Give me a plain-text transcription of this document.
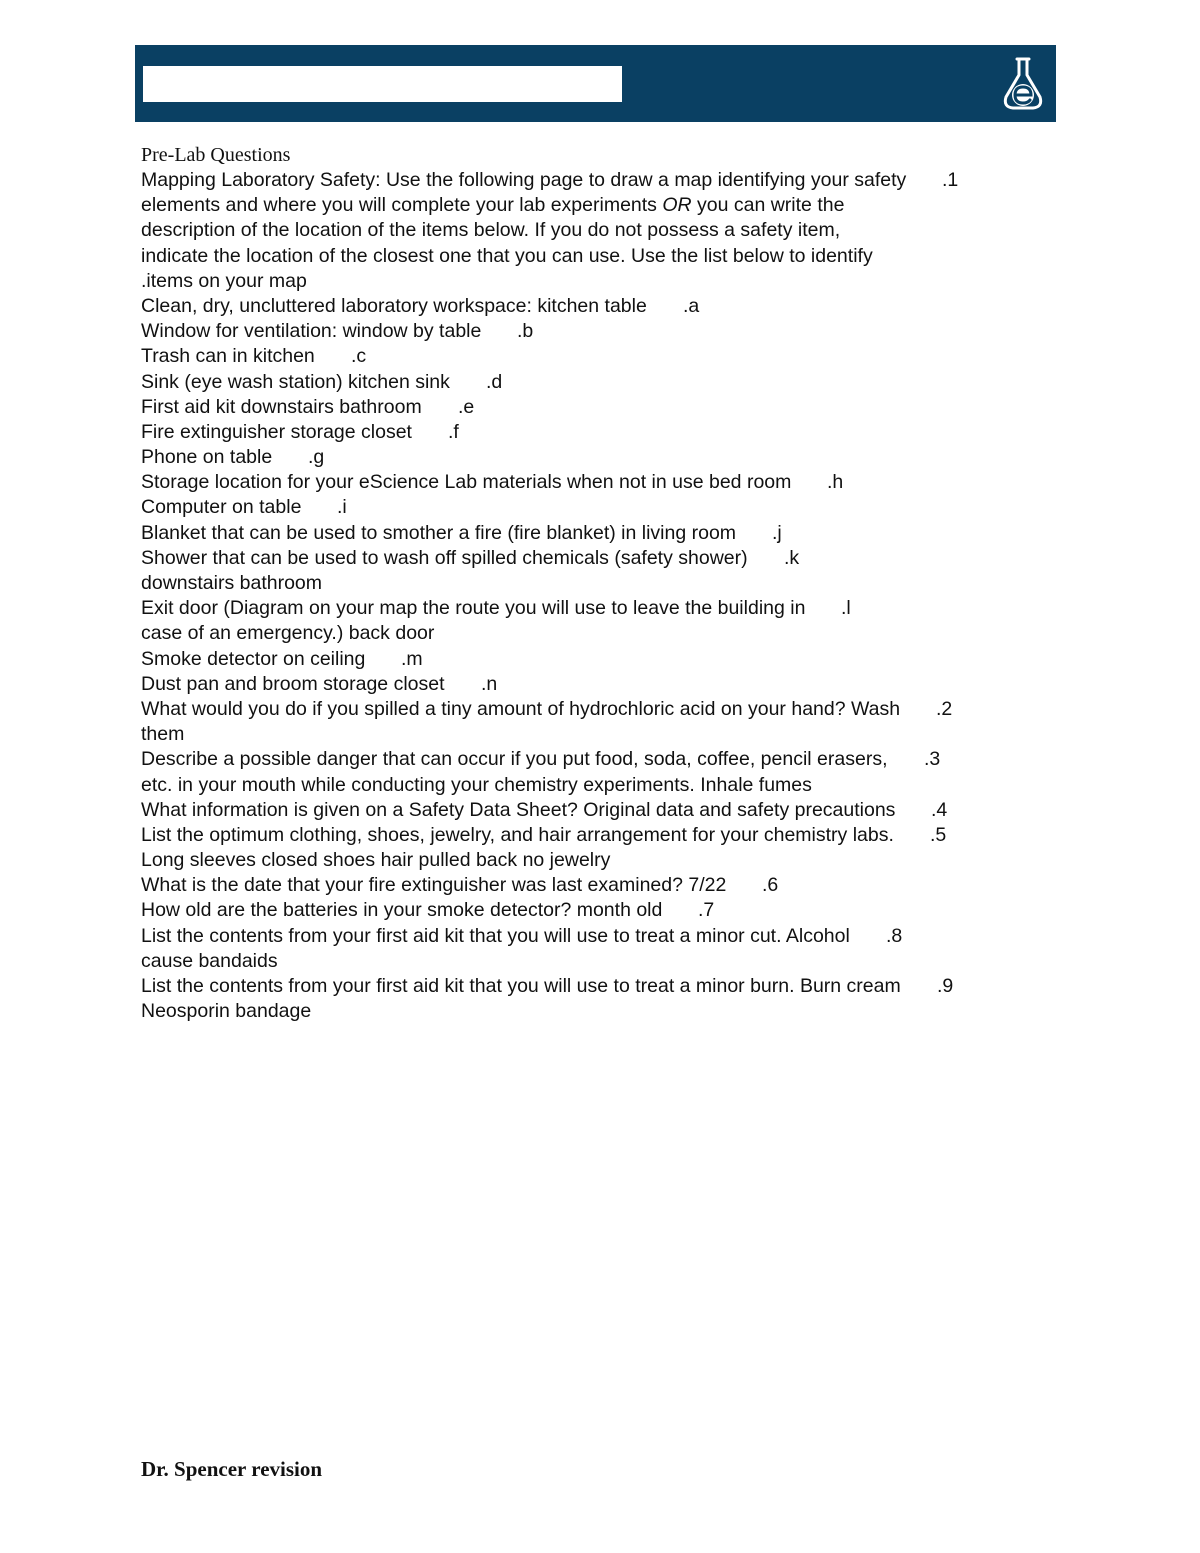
Pre-Lab Questions
Mapping Laboratory Safety: Use the following page to draw a map identifying your safety .1
elements and where you will complete your lab experiments OR you can write the
description of the location of the items below. If you do not possess a safety item,
indicate the location of the closest one that you can use. Use the list below to identify
.items on your map
Clean, dry, uncluttered laboratory workspace: kitchen table .a
Window for ventilation: window by table .b
Trash can in kitchen .c
Sink (eye wash station) kitchen sink .d
First aid kit downstairs bathroom .e
Fire extinguisher storage closet .f
Phone on table .g
Storage location for your eScience Lab materials when not in use bed room .h
Computer on table .i
Blanket that can be used to smother a fire (fire blanket) in living room .j
Shower that can be used to wash off spilled chemicals (safety shower) .k
downstairs bathroom
Exit door (Diagram on your map the route you will use to leave the building in .l
case of an emergency.) back door
Smoke detector on ceiling .m
Dust pan and broom storage closet .n
What would you do if you spilled a tiny amount of hydrochloric acid on your hand? Wash .2
them
Describe a possible danger that can occur if you put food, soda, coffee, pencil erasers, .3
etc. in your mouth while conducting your chemistry experiments. Inhale fumes
What information is given on a Safety Data Sheet? Original data and safety precautions .4
List the optimum clothing, shoes, jewelry, and hair arrangement for your chemistry labs. .5
Long sleeves closed shoes hair pulled back no jewelry
What is the date that your fire extinguisher was last examined? 7/22 .6
How old are the batteries in your smoke detector? month old .7
List the contents from your first aid kit that you will use to treat a minor cut. Alcohol .8
cause bandaids
List the contents from your first aid kit that you will use to treat a minor burn. Burn cream .9
Neosporin bandage
Dr. Spencer revision
